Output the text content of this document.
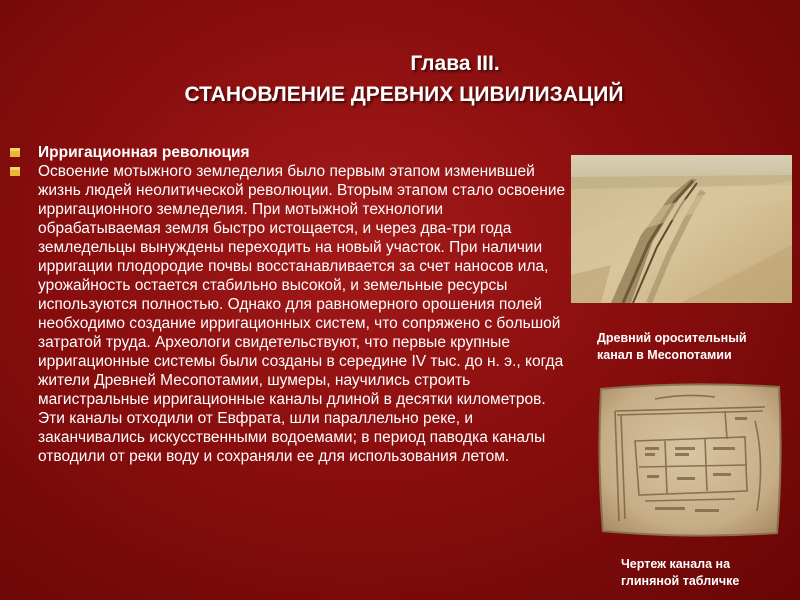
Глава III.
СТАНОВЛЕНИЕ ДРЕВНИХ ЦИВИЛИЗАЦИЙ
Ирригационная революция
Освоение мотыжного земледелия было первым этапом изменившей жизнь людей неолитической революции. Вторым этапом стало освоение ирригационного земледелия. При мотыжной технологии обрабатываемая земля быстро истощается, и через два-три года земледельцы вынуждены переходить на новый участок. При наличии ирригации плодородие почвы восстанавливается за счет наносов ила, урожайность остается стабильно высокой, и земельные ресурсы используются полностью. Однако для равномерного орошения полей необходимо создание ирригационных систем, что сопряжено с большой затратой труда. Археологи свидетельствуют, что первые крупные ирригационные системы были созданы в середине IV тыс. до н. э., когда жители Древней Месопотамии, шумеры, научились строить магистральные ирригационные каналы длиной в десятки километров. Эти каналы отходили от Евфрата, шли параллельно реке, и заканчивались искусственными водоемами; в период паводка каналы отводили от реки воду и сохраняли ее для использования летом.
Древний оросительный
канал в Месопотамии
Чертеж канала на
глиняной табличке
